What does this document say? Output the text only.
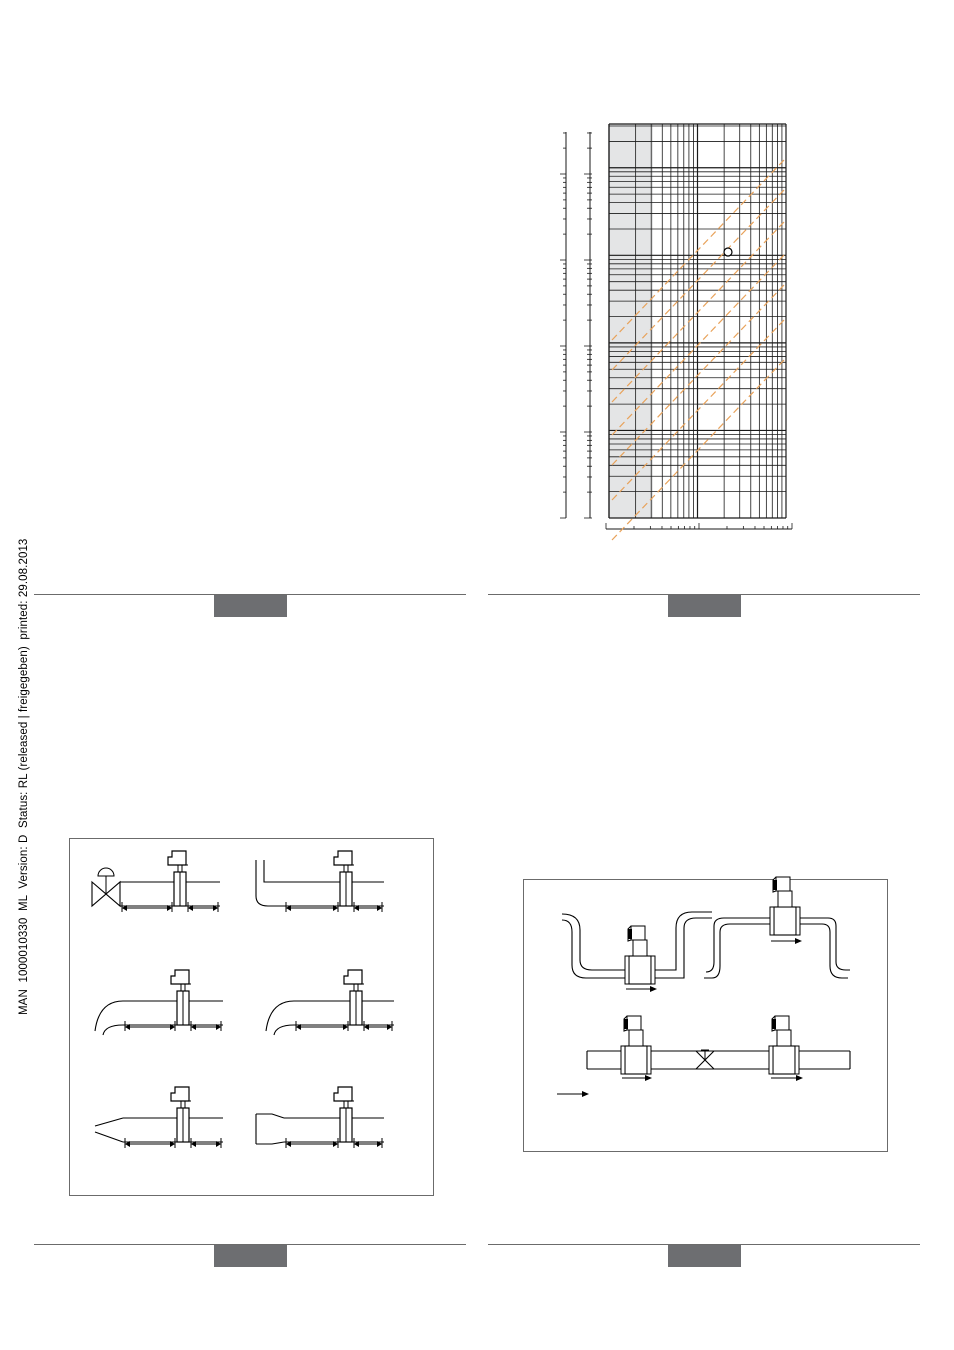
MAN  1000010330  ML  Version: D  Status: RL (released | freigegeben)  printed: 29.08.2013
